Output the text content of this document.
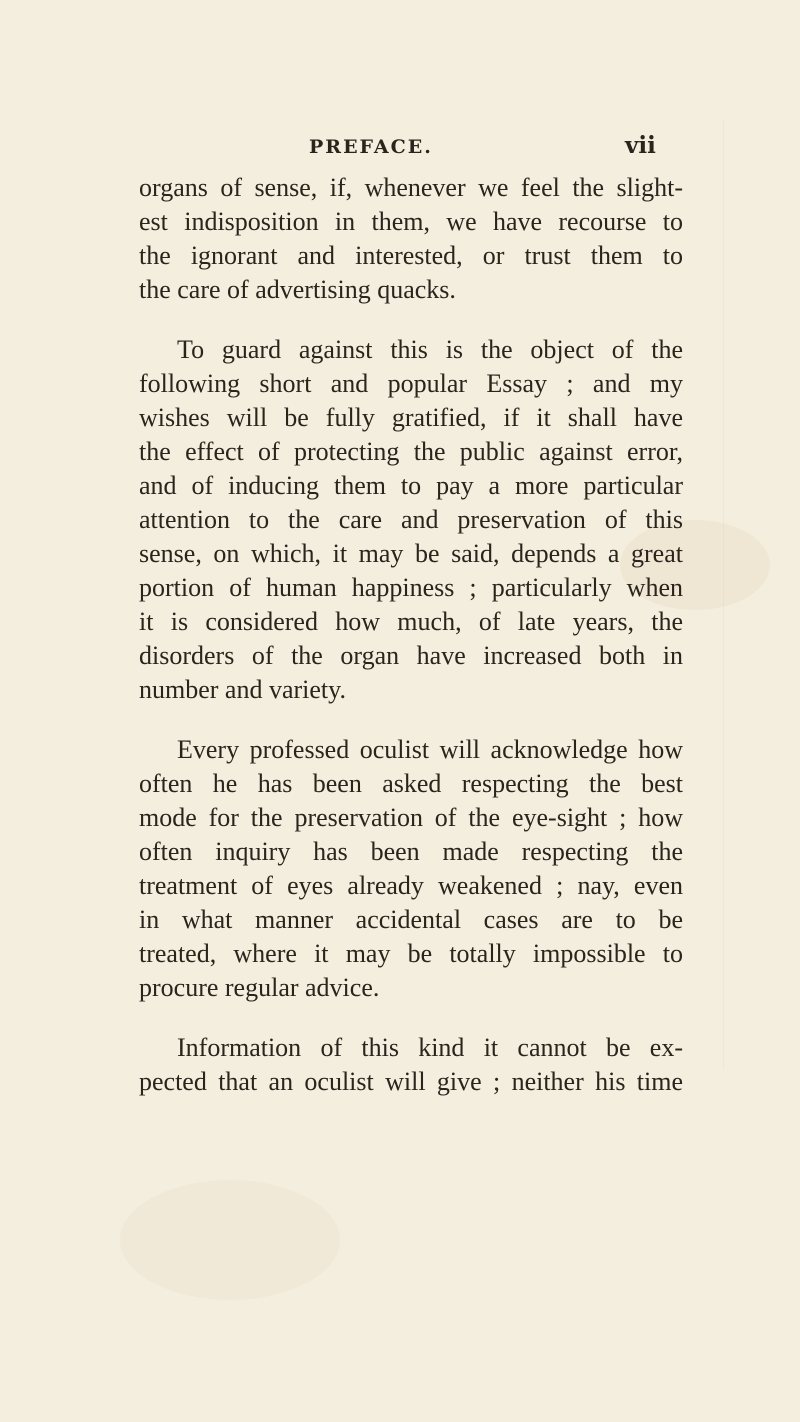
PREFACE.	vii
organs of sense, if, whenever we feel the slight-
est indisposition in them, we have recourse to
the ignorant and interested, or trust them to
the care of advertising quacks.
To guard against this is the object of the
following short and popular Essay ; and my
wishes will be fully gratified, if it shall have
the effect of protecting the public against error,
and of inducing them to pay a more particular
attention to the care and preservation of this
sense, on which, it may be said, depends a great
portion of human happiness ; particularly when
it is considered how much, of late years, the
disorders of the organ have increased both in
number and variety.
Every professed oculist will acknowledge how
often he has been asked respecting the best
mode for the preservation of the eye-sight ; how
often inquiry has been made respecting the
treatment of eyes already weakened ; nay, even
in what manner accidental cases are to be
treated, where it may be totally impossible to
procure regular advice.
Information of this kind it cannot be ex-
pected that an oculist will give ; neither his time
